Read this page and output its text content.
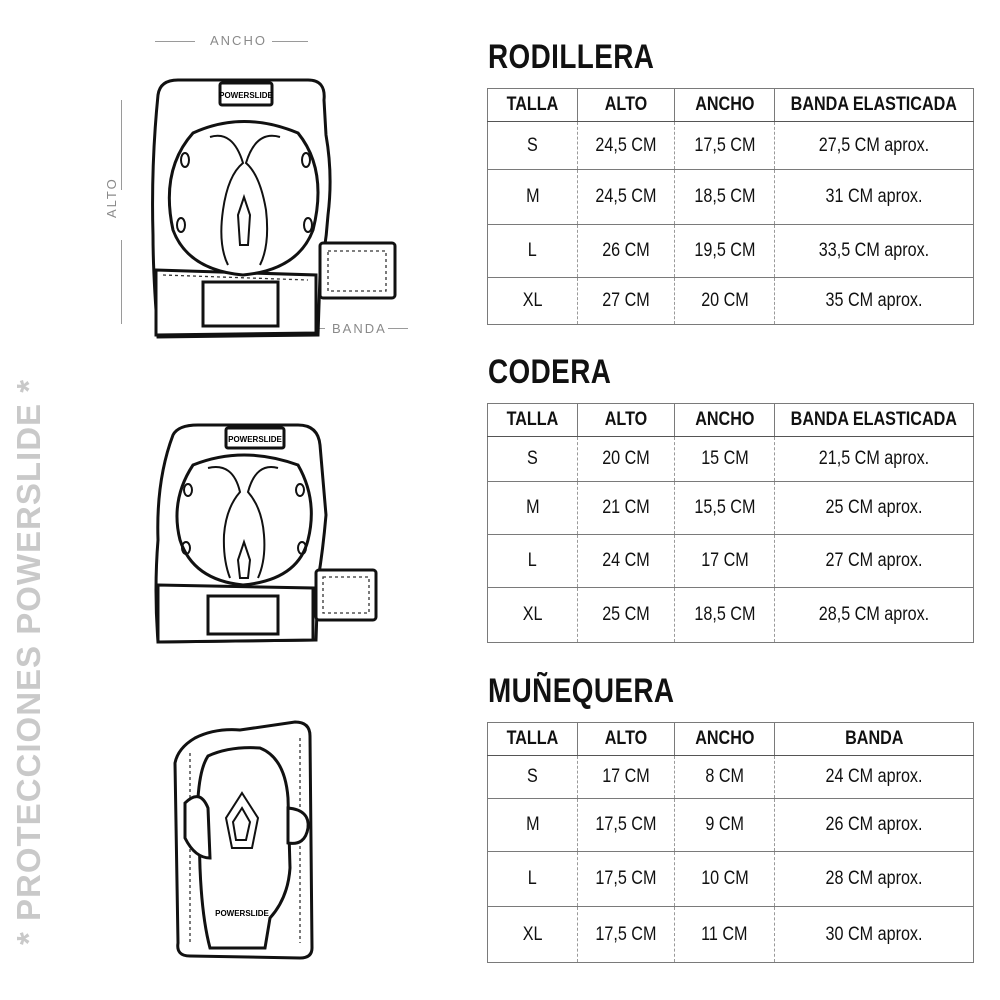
* PROTECCIONES POWERSLIDE *
ANCHO
ALTO
BANDA
POWERSLIDE
POWERSLIDE
POWERSLIDE
RODILLERA
TALLA	ALTO	ANCHO	BANDA ELASTICADA
S	24,5 CM	17,5 CM	27,5 CM aprox.
M	24,5 CM	18,5 CM	31 CM aprox.
L	26 CM	19,5 CM	33,5 CM aprox.
XL	27 CM	20 CM	35 CM aprox.
CODERA
TALLA	ALTO	ANCHO	BANDA ELASTICADA
S	20 CM	15 CM	21,5 CM aprox.
M	21 CM	15,5 CM	25 CM aprox.
L	24 CM	17 CM	27 CM aprox.
XL	25 CM	18,5 CM	28,5 CM aprox.
MUÑEQUERA
TALLA	ALTO	ANCHO	BANDA
S	17 CM	8 CM	24 CM aprox.
M	17,5 CM	9 CM	26 CM aprox.
L	17,5 CM	10 CM	28 CM aprox.
XL	17,5 CM	11 CM	30 CM aprox.
